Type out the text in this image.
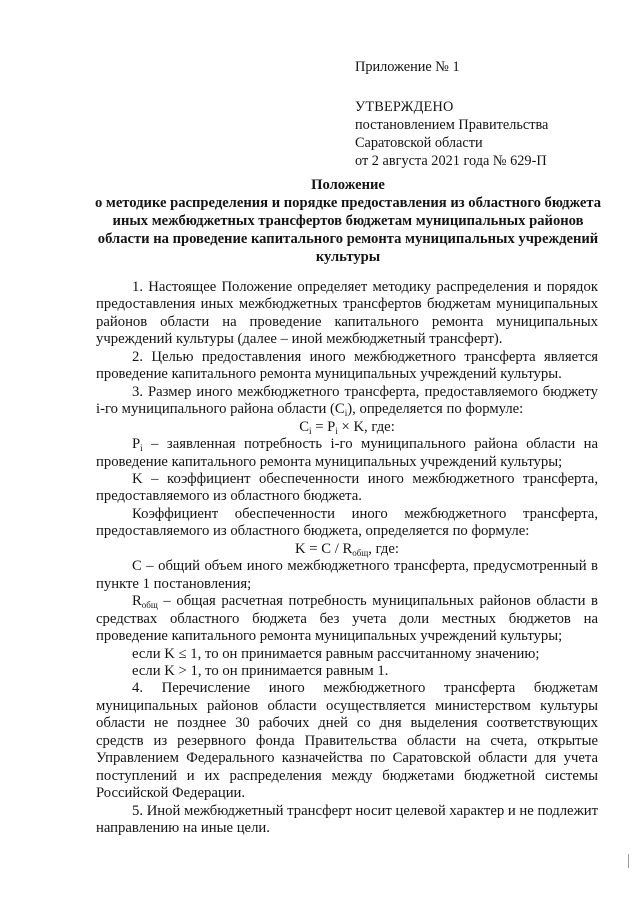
Приложение № 1
УТВЕРЖДЕНО
постановлением Правительства
Саратовской области
от 2 августа 2021 года № 629-П
Положение
о методике распределения и порядке предоставления из областного бюджета иных межбюджетных трансфертов бюджетам муниципальных районов области на проведение капитального ремонта муниципальных учреждений культуры

1. Настоящее Положение определяет методику распределения и порядок предоставления иных межбюджетных трансфертов бюджетам муниципальных районов области на проведение капитального ремонта муниципальных учреждений культуры (далее – иной межбюджетный трансферт).

2. Целью предоставления иного межбюджетного трансферта является проведение капитального ремонта муниципальных учреждений культуры.

3. Размер иного межбюджетного трансферта, предоставляемого бюджету i-го муниципального района области $(C_i)$, определяется по формуле:

$C_i = P_i \times K$, где:

$P_i$ – заявленная потребность i-го муниципального района области на проведение капитального ремонта муниципальных учреждений культуры;

K – коэффициент обеспеченности иного межбюджетного трансферта, предоставляемого из областного бюджета.

Коэффициент обеспеченности иного межбюджетного трансферта, предоставляемого из областного бюджета, определяется по формуле:

$K = C / R_{общ}$, где:

C – общий объем иного межбюджетного трансферта, предусмотренный в пункте 1 постановления;

$R_{общ}$ – общая расчетная потребность муниципальных районов области в средствах областного бюджета без учета доли местных бюджетов на проведение капитального ремонта муниципальных учреждений культуры;

если K ≤ 1, то он принимается равным рассчитанному значению;

если K > 1, то он принимается равным 1.

4. Перечисление иного межбюджетного трансферта бюджетам муниципальных районов области осуществляется министерством культуры области не позднее 30 рабочих дней со дня выделения соответствующих средств из резервного фонда Правительства области на счета, открытые Управлением Федерального казначейства по Саратовской области для учета поступлений и их распределения между бюджетами бюджетной системы Российской Федерации.

5. Иной межбюджетный трансферт носит целевой характер и не подлежит направлению на иные цели.
